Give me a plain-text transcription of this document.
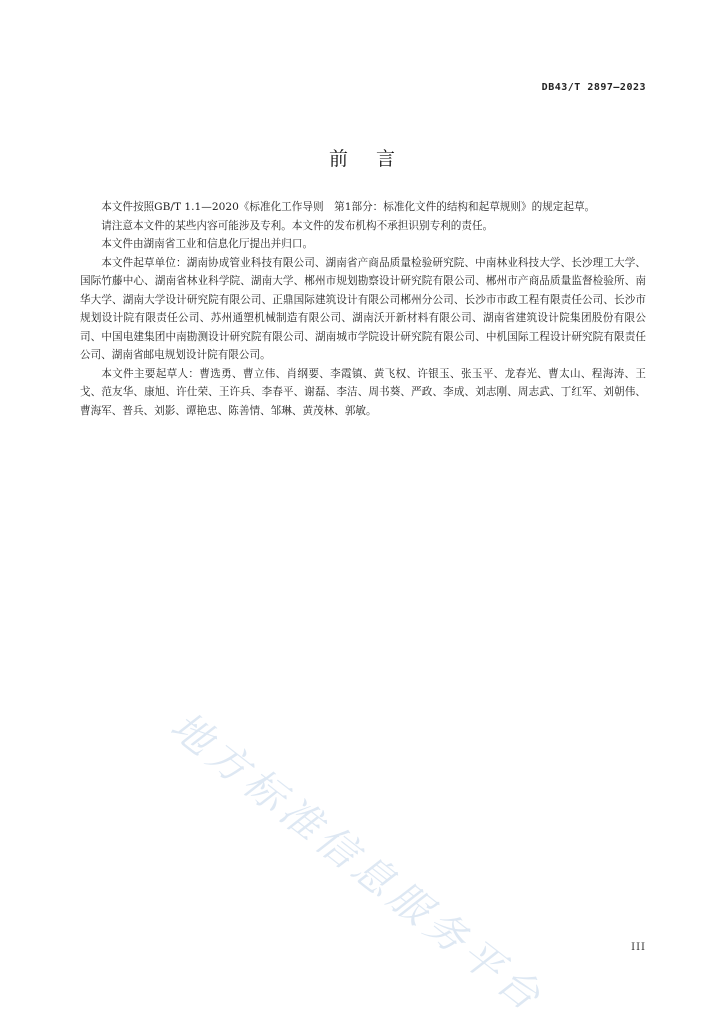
DB43/T 2897—2023
前言

本文件按照GB/T 1.1—2020《标准化工作导则　第1部分：标准化文件的结构和起草规则》的规定起草。

请注意本文件的某些内容可能涉及专利。本文件的发布机构不承担识别专利的责任。

本文件由湖南省工业和信息化厅提出并归口。

本文件起草单位：湖南协成管业科技有限公司、湖南省产商品质量检验研究院、中南林业科技大学、长沙理工大学、国际竹藤中心、湖南省林业科学院、湖南大学、郴州市规划勘察设计研究院有限公司、郴州市产商品质量监督检验所、南华大学、湖南大学设计研究院有限公司、正鼎国际建筑设计有限公司郴州分公司、长沙市市政工程有限责任公司、长沙市规划设计院有限责任公司、苏州通塑机械制造有限公司、湖南沃开新材料有限公司、湖南省建筑设计院集团股份有限公司、中国电建集团中南勘测设计研究院有限公司、湖南城市学院设计研究院有限公司、中机国际工程设计研究院有限责任公司、湖南省邮电规划设计院有限公司。

本文件主要起草人：曹选勇、曹立伟、肖纲要、李霞镇、黄飞权、许银玉、张玉平、龙春光、曹太山、程海涛、王戈、范友华、康旭、许仕荣、王许兵、李春平、谢磊、李洁、周书葵、严政、李成、刘志刚、周志武、丁红军、刘朝伟、曹海军、普兵、刘影、谭艳忠、陈善情、邹琳、黄茂林、郭敏。

地方标准信息服务平台	III
